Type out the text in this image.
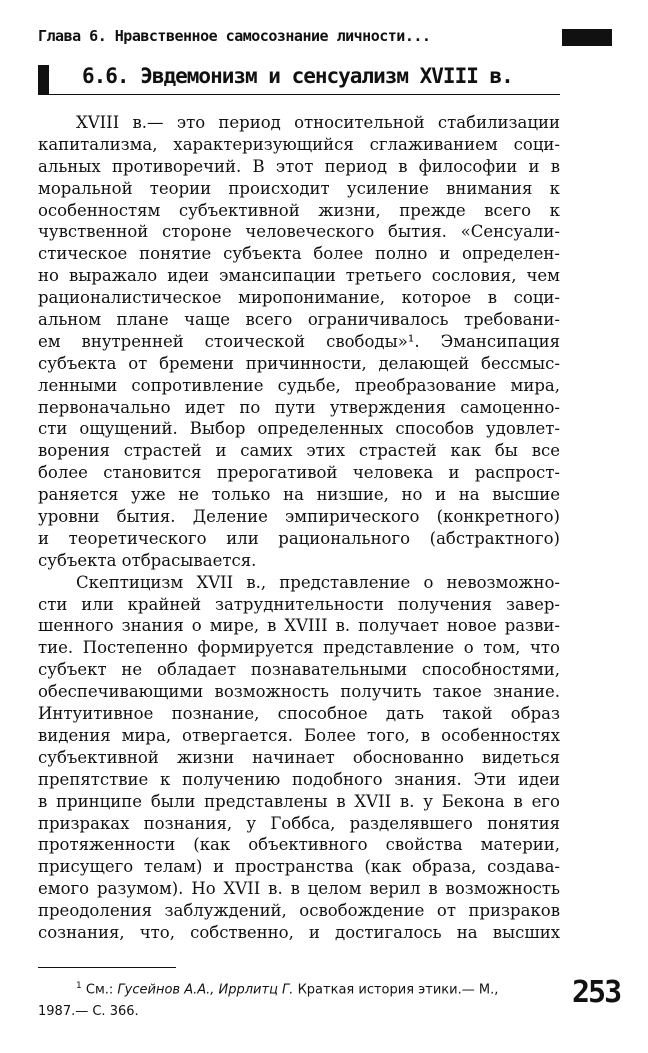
Глава 6. Нравственное самосознание личности...
6.6. Эвдемонизм и сенсуализм XVIII в.
XVIII в.— это период относительной стабилизации
капитализма, характеризующийся сглаживанием соци-
альных противоречий. В этот период в философии и в
моральной теории происходит усиление внимания к
особенностям субъективной жизни, прежде всего к
чувственной стороне человеческого бытия. «Сенсуали-
стическое понятие субъекта более полно и определен-
но выражало идеи эмансипации третьего сословия, чем
рационалистическое миропонимание, которое в соци-
альном плане чаще всего ограничивалось требовани-
ем внутренней стоической свободы»¹. Эмансипация
субъекта от бремени причинности, делающей бессмыс-
ленными сопротивление судьбе, преобразование мира,
первоначально идет по пути утверждения самоценно-
сти ощущений. Выбор определенных способов удовлет-
ворения страстей и самих этих страстей как бы все
более становится прерогативой человека и распрост-
раняется уже не только на низшие, но и на высшие
уровни бытия. Деление эмпирического (конкретного)
и теоретического или рационального (абстрактного)
субъекта отбрасывается.
Скептицизм XVII в., представление о невозможно-
сти или крайней затруднительности получения завер-
шенного знания о мире, в XVIII в. получает новое разви-
тие. Постепенно формируется представление о том, что
субъект не обладает познавательными способностями,
обеспечивающими возможность получить такое знание.
Интуитивное познание, способное дать такой образ
видения мира, отвергается. Более того, в особенностях
субъективной жизни начинает обоснованно видеться
препятствие к получению подобного знания. Эти идеи
в принципе были представлены в XVII в. у Бекона в его
призраках познания, у Гоббса, разделявшего понятия
протяженности (как объективного свойства материи,
присущего телам) и пространства (как образа, создава-
емого разумом). Но XVII в. в целом верил в возможность
преодоления заблуждений, освобождение от призраков
сознания, что, собственно, и достигалось на высших
$^1$ См.: Гусейнов А.А., Иррлитц Г. Краткая история этики.— М.,
1987.— С. 366.
253
